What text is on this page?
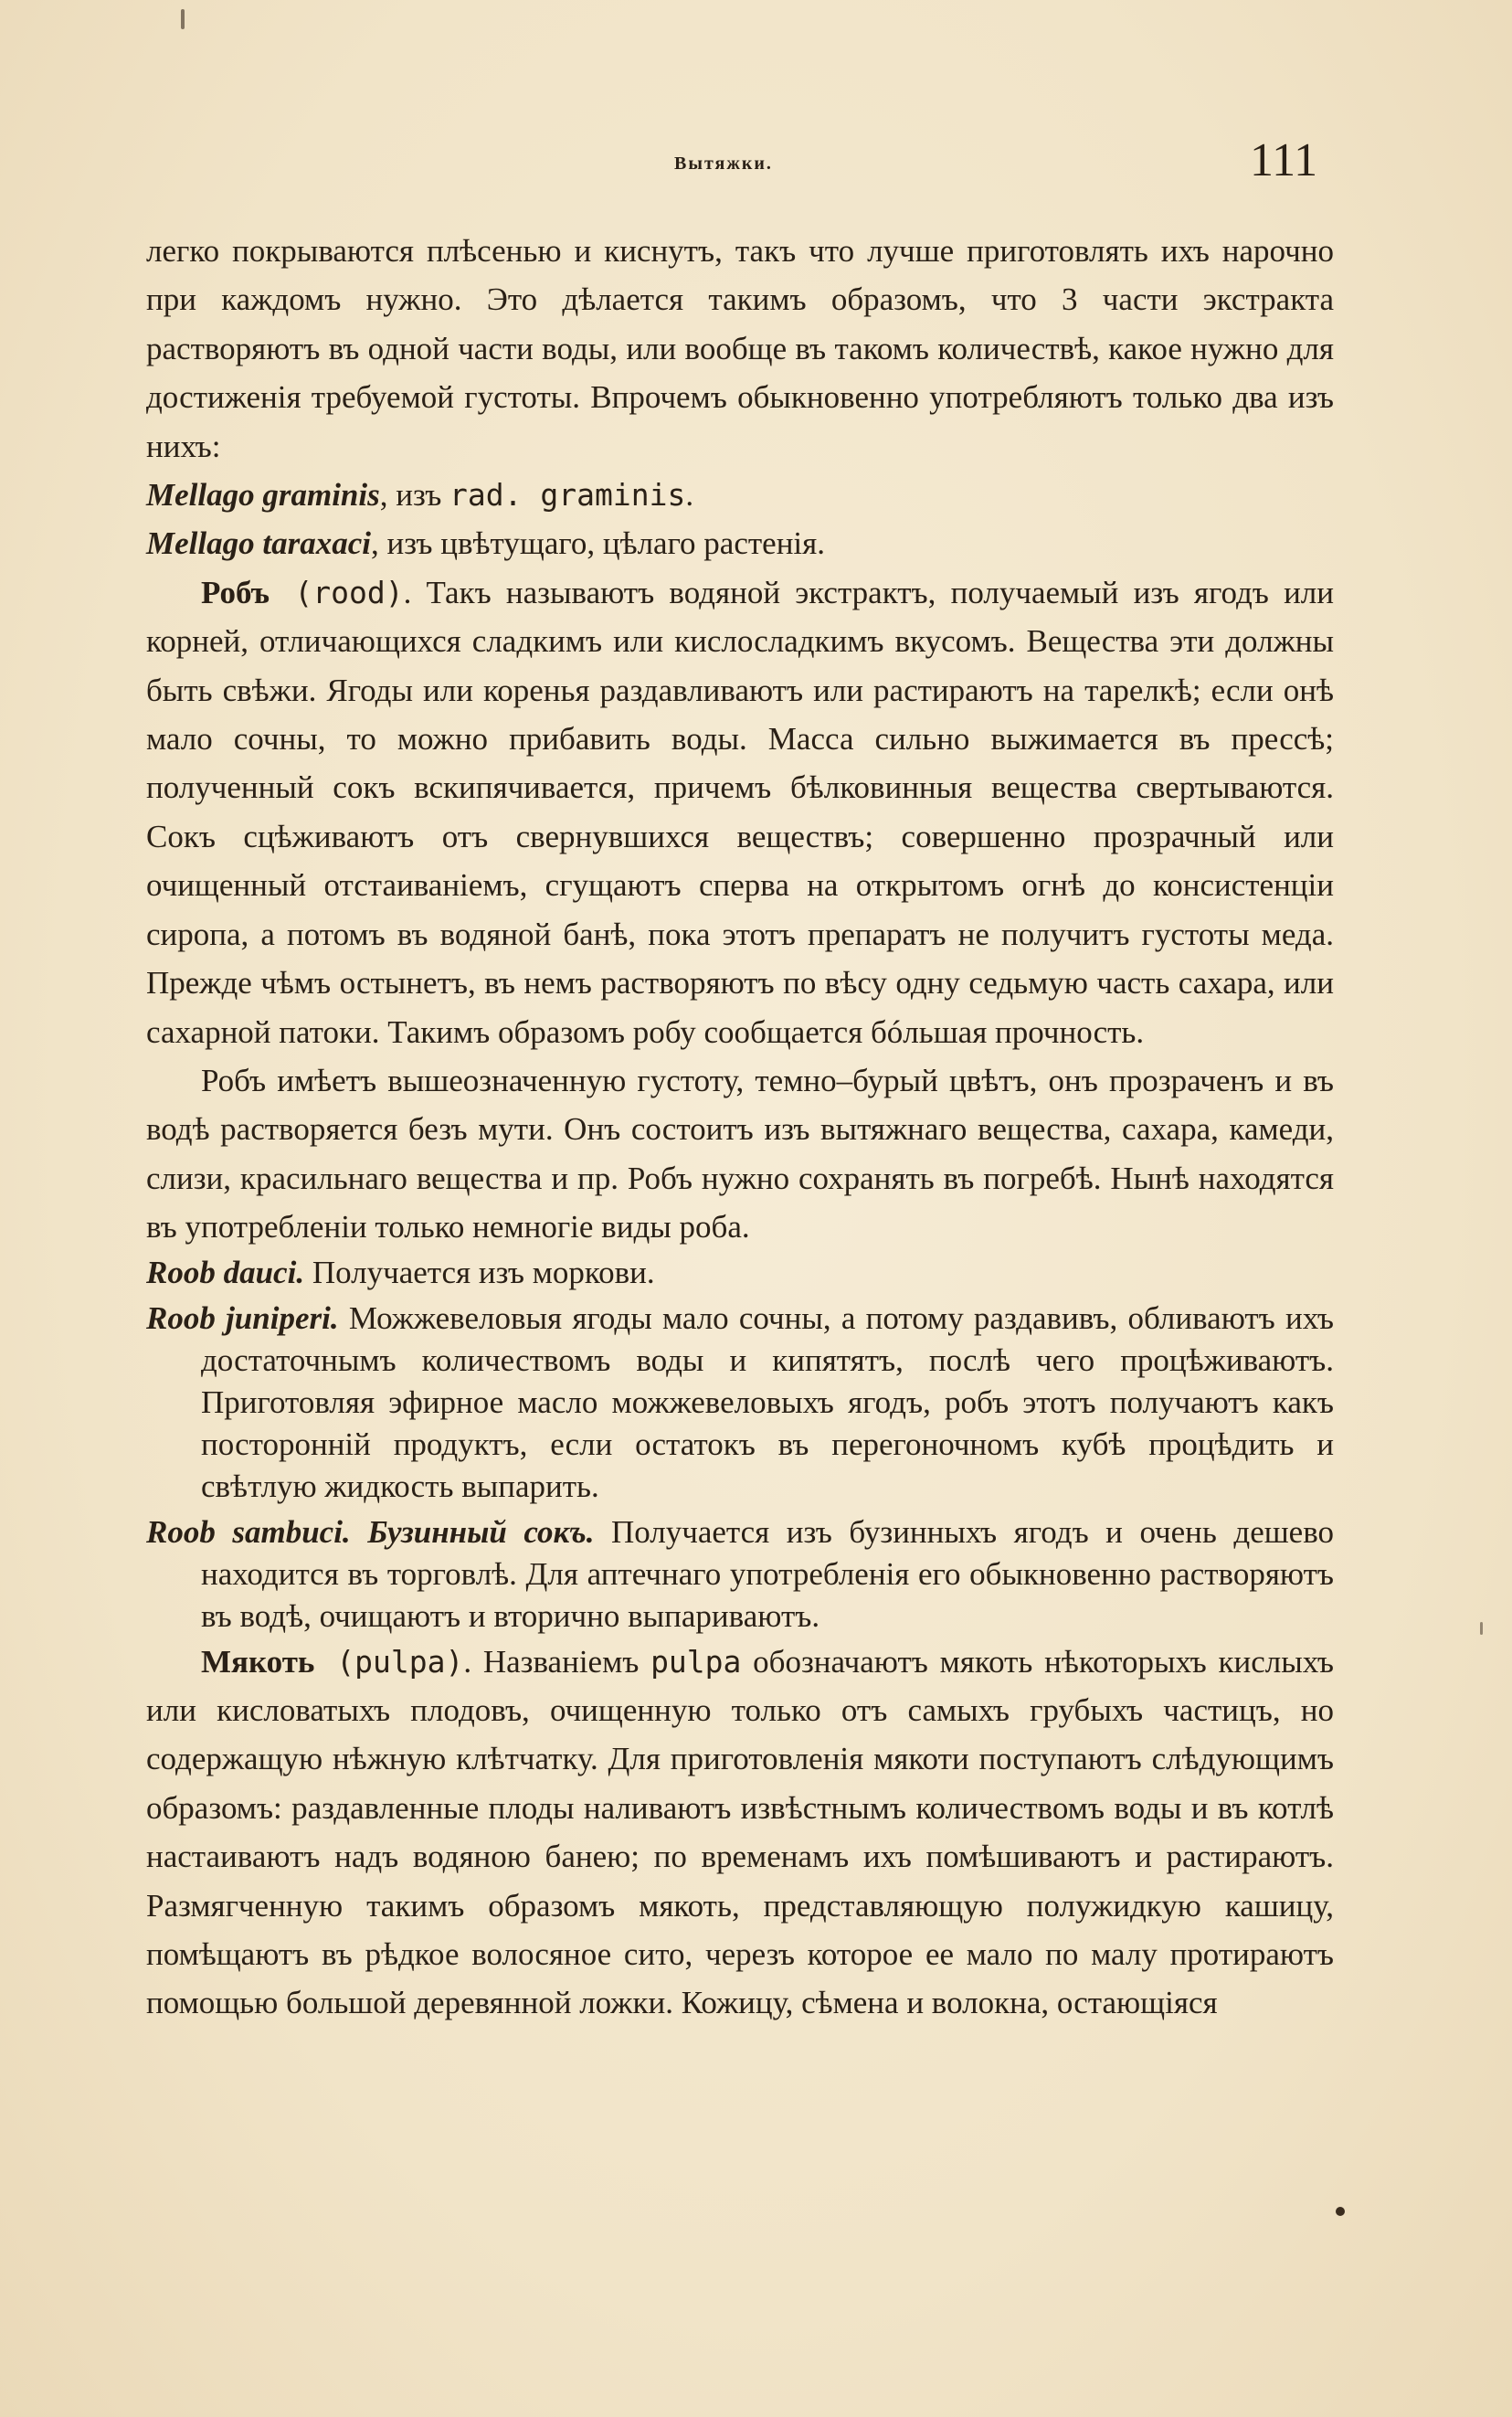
Вытяжки.	111

легко покрываются плѣсенью и киснутъ, такъ что лучше приготовлять ихъ нарочно при каждомъ нужно. Это дѣлается такимъ образомъ, что 3 части экстракта растворяютъ въ одной части воды, или вообще въ такомъ количествѣ, какое нужно для достиженія требуемой густоты. Впрочемъ обыкновенно употребляютъ только два изъ нихъ:

Mellago graminis, изъ rad. graminis.

Mellago taraxaci, изъ цвѣтущаго, цѣлаго растенія.

Робъ (rood). Такъ называютъ водяной экстрактъ, получаемый изъ ягодъ или корней, отличающихся сладкимъ или кислосладкимъ вкусомъ. Вещества эти должны быть свѣжи. Ягоды или коренья раздавливаютъ или растираютъ на тарелкѣ; если онѣ мало сочны, то можно прибавить воды. Масса сильно выжимается въ прессѣ; полученный сокъ вскипячивается, причемъ бѣлковинныя вещества свертываются. Сокъ сцѣживаютъ отъ свернувшихся веществъ; совершенно прозрачный или очищенный отстаиваніемъ, сгущаютъ сперва на открытомъ огнѣ до консистенціи сиропа, а потомъ въ водяной банѣ, пока этотъ препаратъ не получитъ густоты меда. Прежде чѣмъ остынетъ, въ немъ растворяютъ по вѣсу одну седьмую часть сахара, или сахарной патоки. Такимъ образомъ робу сообщается бóльшая прочность.

Робъ имѣетъ вышеозначенную густоту, темно–бурый цвѣтъ, онъ прозраченъ и въ водѣ растворяется безъ мути. Онъ состоитъ изъ вытяжнаго вещества, сахара, камеди, слизи, красильнаго вещества и пр. Робъ нужно сохранять въ погребѣ. Нынѣ находятся въ употребленіи только немногіе виды роба.

Roob dauci. Получается изъ моркови.

Roob juniperi. Можжевеловыя ягоды мало сочны, а потому раздавивъ, обливаютъ ихъ достаточнымъ количествомъ воды и кипятятъ, послѣ чего процѣживаютъ. Приготовляя эфирное масло можжевеловыхъ ягодъ, робъ этотъ получаютъ какъ посторонній продуктъ, если остатокъ въ перегоночномъ кубѣ процѣдить и свѣтлую жидкость выпарить.

Roob sambuci. Бузинный сокъ. Получается изъ бузинныхъ ягодъ и очень дешево находится въ торговлѣ. Для аптечнаго употребленія его обыкновенно растворяютъ въ водѣ, очищаютъ и вторично выпариваютъ.

Мякоть (pulpa). Названіемъ pulpa обозначаютъ мякоть нѣкоторыхъ кислыхъ или кисловатыхъ плодовъ, очищенную только отъ самыхъ грубыхъ частицъ, но содержащую нѣжную клѣтчатку. Для приготовленія мякоти поступаютъ слѣдующимъ образомъ: раздавленные плоды наливаютъ извѣстнымъ количествомъ воды и въ котлѣ настаиваютъ надъ водяною банею; по временамъ ихъ помѣшиваютъ и растираютъ. Размягченную такимъ образомъ мякоть, представляющую полужидкую кашицу, помѣщаютъ въ рѣдкое волосяное сито, черезъ которое ее мало по малу протираютъ помощью большой деревянной ложки. Кожицу, сѣмена и волокна, остающіяся
